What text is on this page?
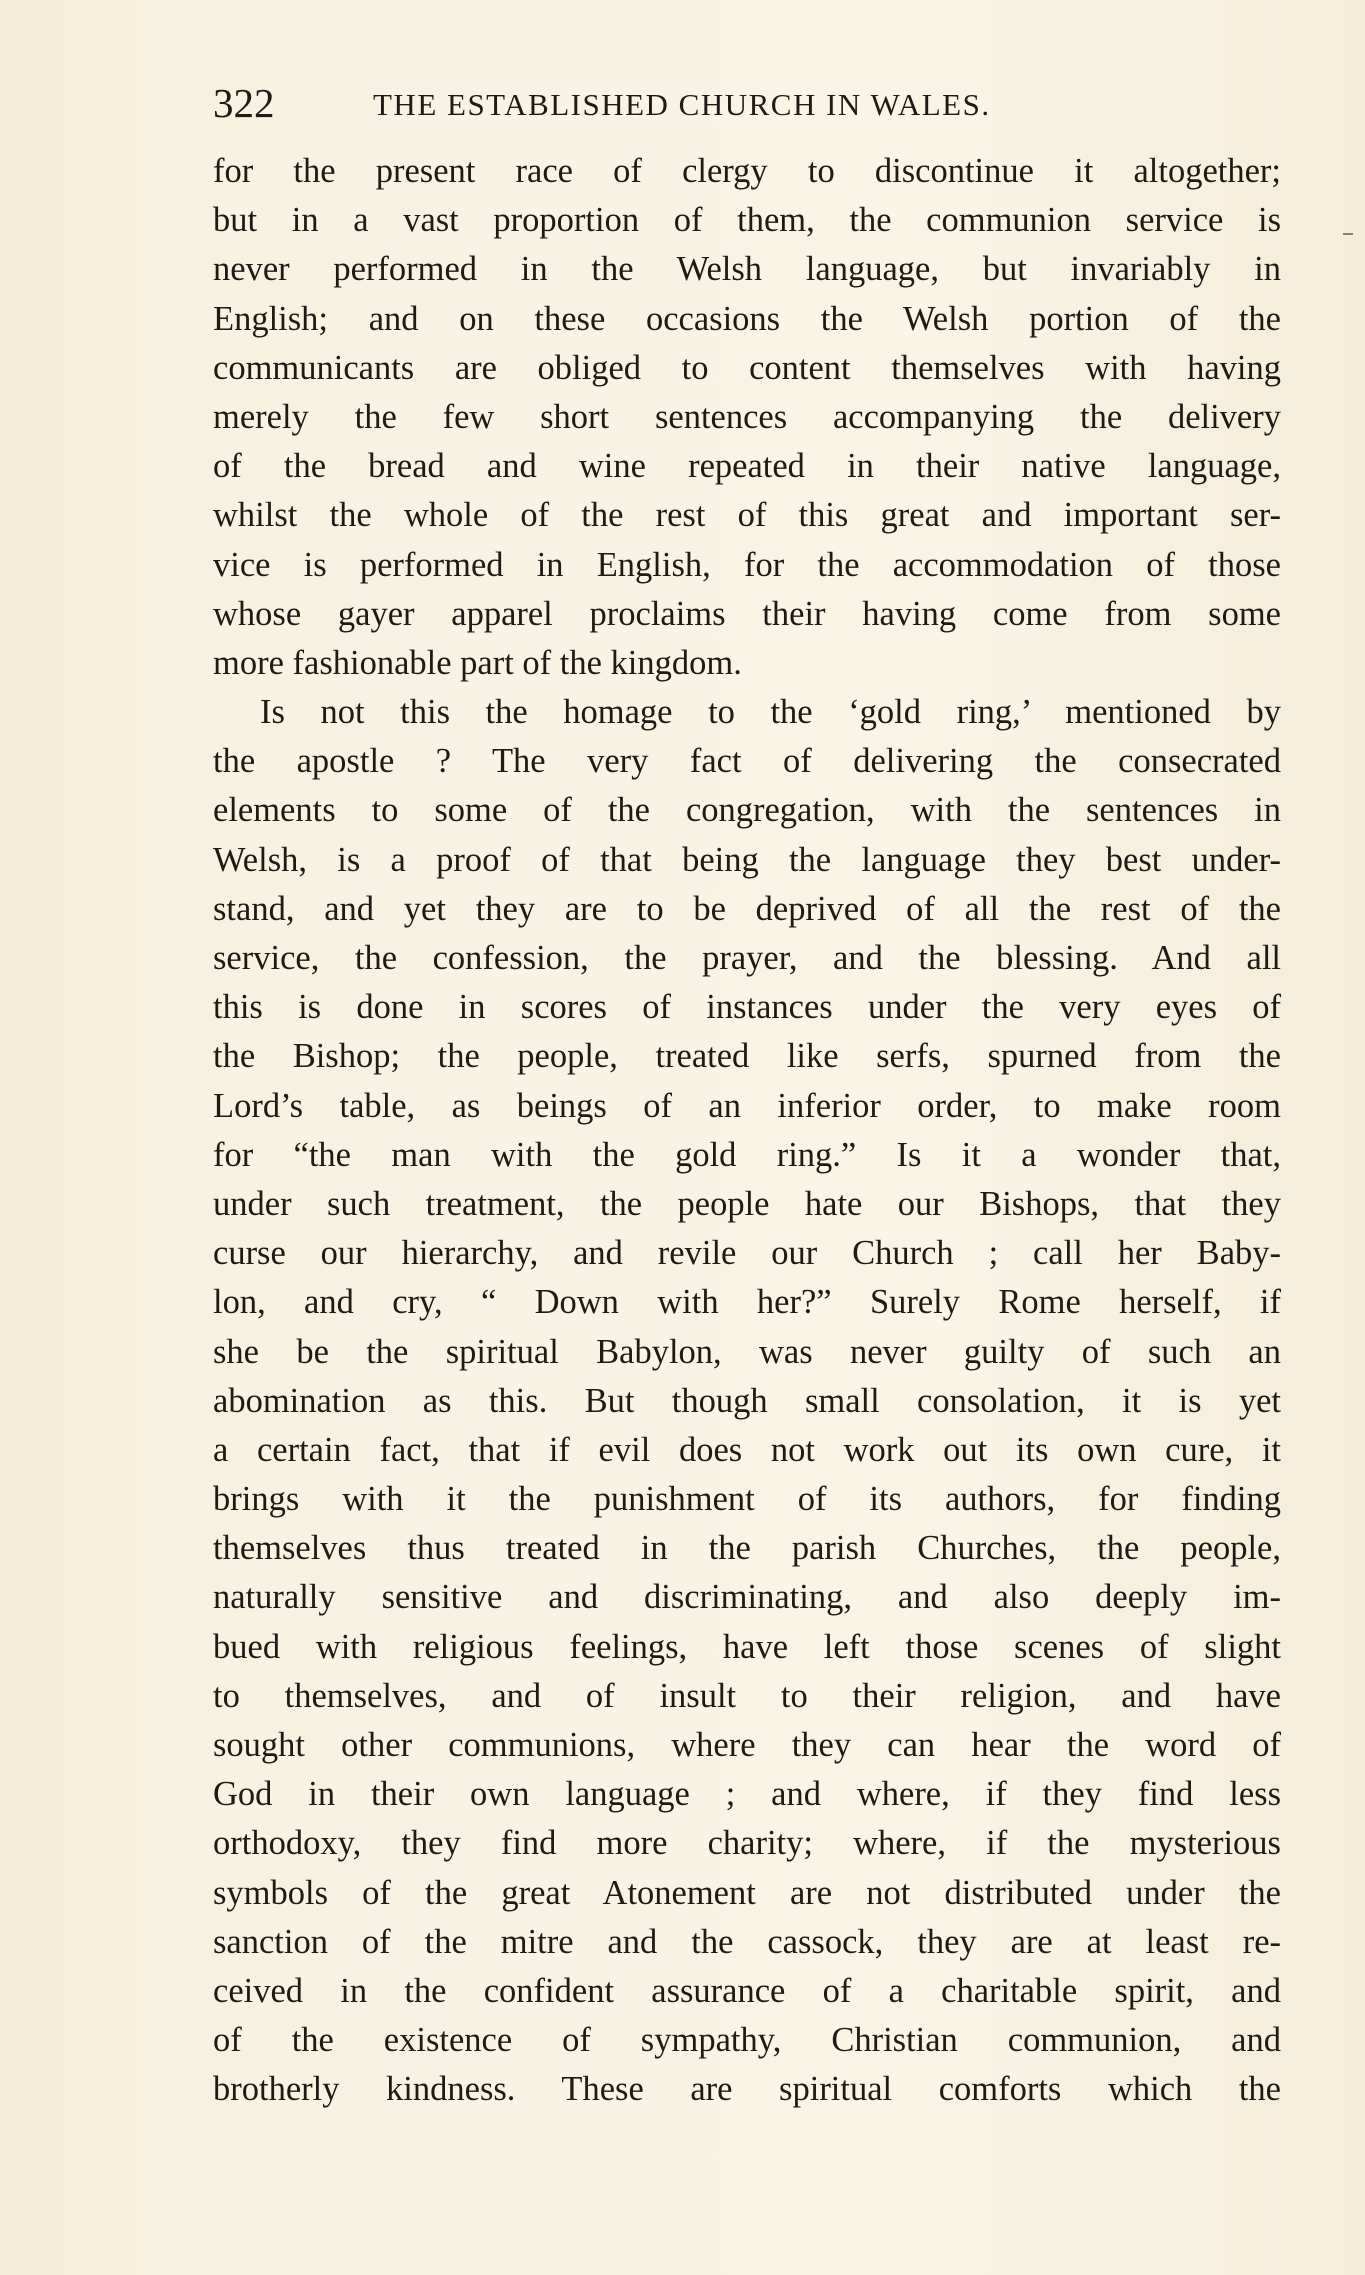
322	THE ESTABLISHED CHURCH IN WALES.
for the present race of clergy to discontinue it altogether;
but in a vast proportion of them, the communion service is
never performed in the Welsh language, but invariably in
English; and on these occasions the Welsh portion of the
communicants are obliged to content themselves with having
merely the few short sentences accompanying the delivery
of the bread and wine repeated in their native language,
whilst the whole of the rest of this great and important ser-
vice is performed in English, for the accommodation of those
whose gayer apparel proclaims their having come from some
more fashionable part of the kingdom.
Is not this the homage to the ‘gold ring,’ mentioned by
the apostle ? The very fact of delivering the consecrated
elements to some of the congregation, with the sentences in
Welsh, is a proof of that being the language they best under-
stand, and yet they are to be deprived of all the rest of the
service, the confession, the prayer, and the blessing. And all
this is done in scores of instances under the very eyes of
the Bishop; the people, treated like serfs, spurned from the
Lord’s table, as beings of an inferior order, to make room
for “the man with the gold ring.” Is it a wonder that,
under such treatment, the people hate our Bishops, that they
curse our hierarchy, and revile our Church ; call her Baby-
lon, and cry, “ Down with her?” Surely Rome herself, if
she be the spiritual Babylon, was never guilty of such an
abomination as this. But though small consolation, it is yet
a certain fact, that if evil does not work out its own cure, it
brings with it the punishment of its authors, for finding
themselves thus treated in the parish Churches, the people,
naturally sensitive and discriminating, and also deeply im-
bued with religious feelings, have left those scenes of slight
to themselves, and of insult to their religion, and have
sought other communions, where they can hear the word of
God in their own language ; and where, if they find less
orthodoxy, they find more charity; where, if the mysterious
symbols of the great Atonement are not distributed under the
sanction of the mitre and the cassock, they are at least re-
ceived in the confident assurance of a charitable spirit, and
of the existence of sympathy, Christian communion, and
brotherly kindness. These are spiritual comforts which the
